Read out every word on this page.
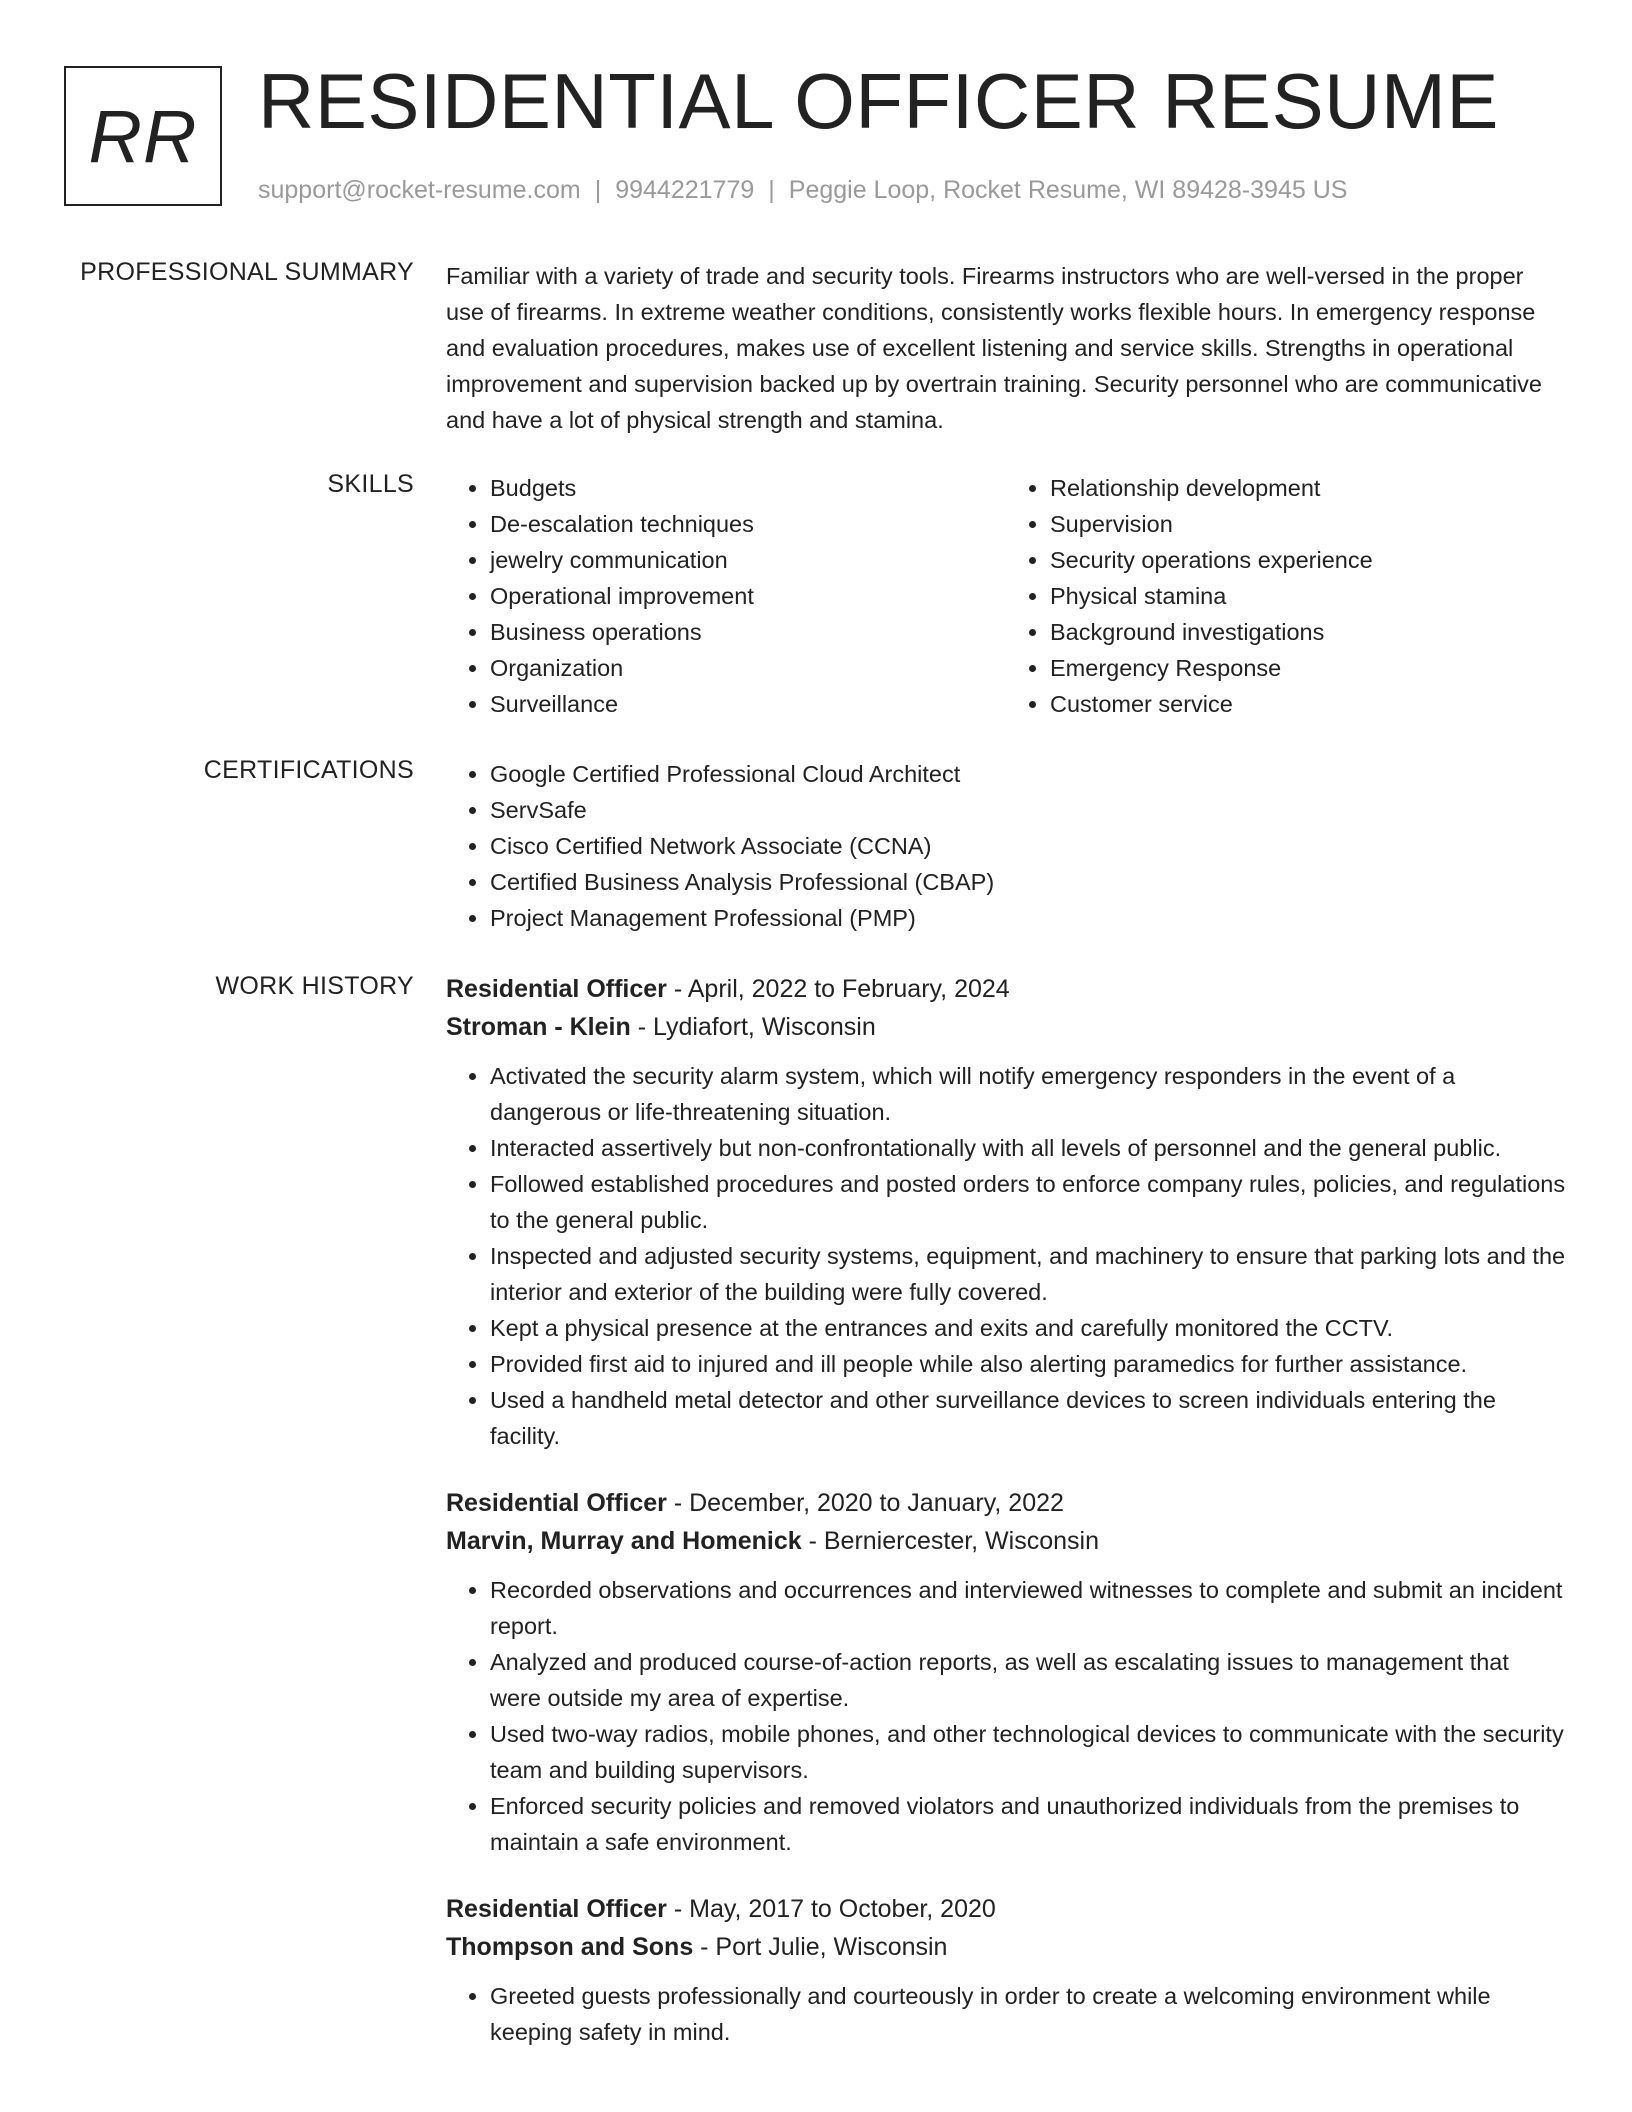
RR RESIDENTIAL OFFICER RESUME
support@rocket-resume.com | 9944221779 | Peggie Loop, Rocket Resume, WI 89428-3945 US
PROFESSIONAL SUMMARY Familiar with a variety of trade and security tools. Firearms instructors who are well-versed in the proper use of firearms. In extreme weather conditions, consistently works flexible hours. In emergency response and evaluation procedures, makes use of excellent listening and service skills. Strengths in operational improvement and supervision backed up by overtrain training. Security personnel who are communicative and have a lot of physical strength and stamina.
SKILLS	• Budgets
• De-escalation techniques
• jewelry communication
• Operational improvement
• Business operations
• Organization
• Surveillance
• Relationship development
• Supervision
• Security operations experience
• Physical stamina
• Background investigations
• Emergency Response
• Customer service
CERTIFICATIONS	• Google Certified Professional Cloud Architect
• ServSafe
• Cisco Certified Network Associate (CCNA)
• Certified Business Analysis Professional (CBAP)
• Project Management Professional (PMP)
WORK HISTORY Residential Officer - April, 2022 to February, 2024
Stroman - Klein - Lydiafort, Wisconsin
• Activated the security alarm system, which will notify emergency responders in the event of a dangerous or life-threatening situation.
• Interacted assertively but non-confrontationally with all levels of personnel and the general public.
• Followed established procedures and posted orders to enforce company rules, policies, and regulations to the general public.
• Inspected and adjusted security systems, equipment, and machinery to ensure that parking lots and the interior and exterior of the building were fully covered.
• Kept a physical presence at the entrances and exits and carefully monitored the CCTV.
• Provided first aid to injured and ill people while also alerting paramedics for further assistance.
• Used a handheld metal detector and other surveillance devices to screen individuals entering the facility.
Residential Officer - December, 2020 to January, 2022
Marvin, Murray and Homenick - Berniercester, Wisconsin
• Recorded observations and occurrences and interviewed witnesses to complete and submit an incident report.
• Analyzed and produced course-of-action reports, as well as escalating issues to management that were outside my area of expertise.
• Used two-way radios, mobile phones, and other technological devices to communicate with the security team and building supervisors.
• Enforced security policies and removed violators and unauthorized individuals from the premises to maintain a safe environment.
Residential Officer - May, 2017 to October, 2020
Thompson and Sons - Port Julie, Wisconsin
• Greeted guests professionally and courteously in order to create a welcoming environment while keeping safety in mind.
